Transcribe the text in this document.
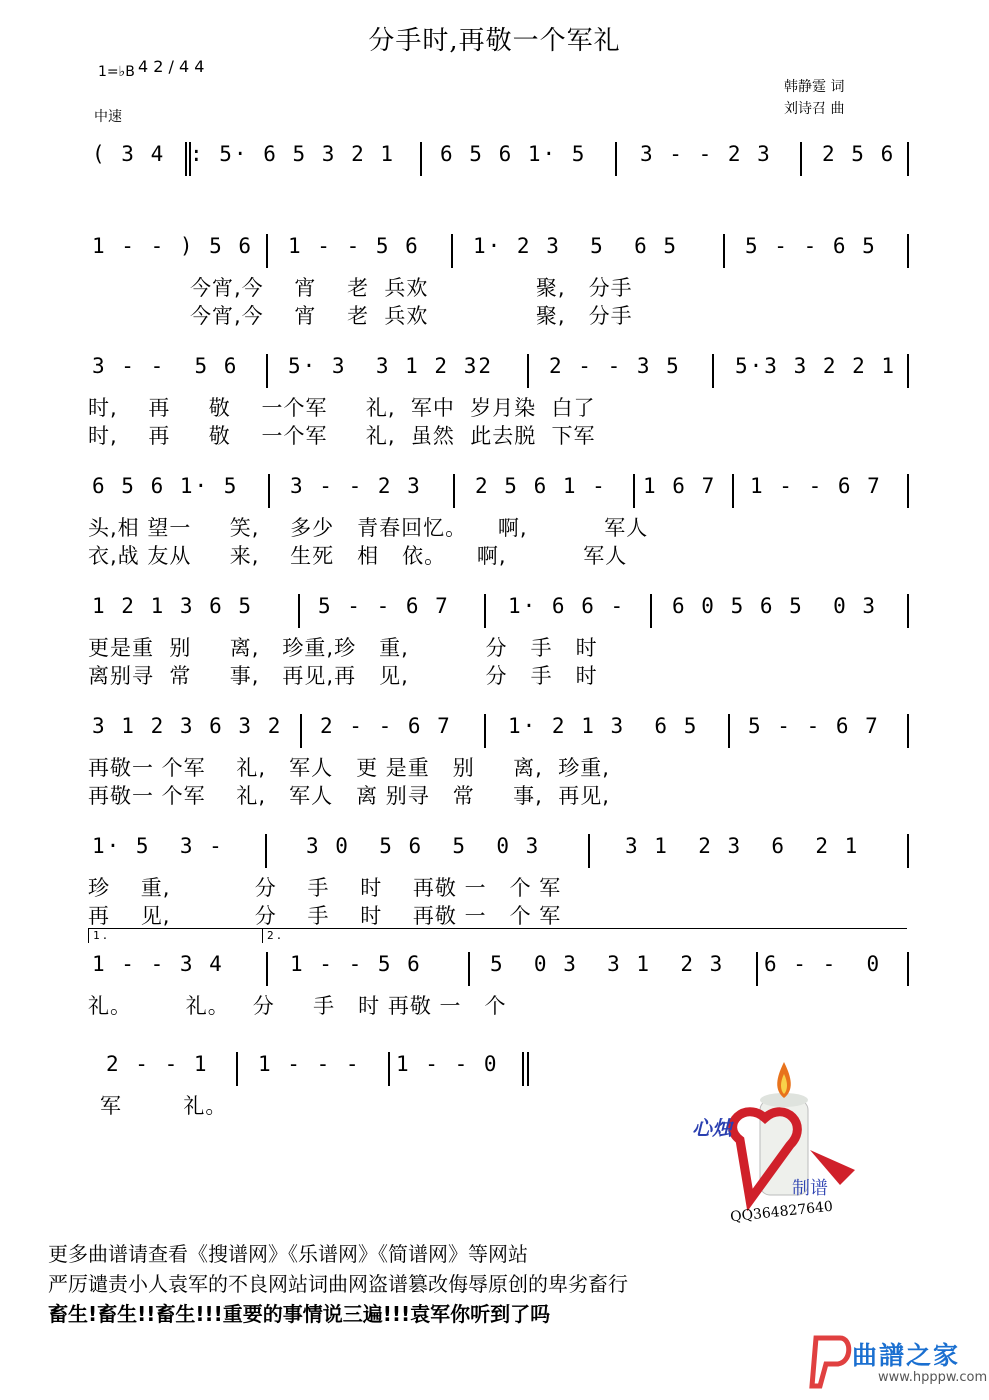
分手时,再敬一个军礼
1=♭B 4 2 / 4 4
中速
韩静霆 词
刘诗召 曲
( 3 4 : 5· 6 5 3 2 1 6 5 6 1· 5	3 - - 2 3 2 5 6
1 - - ) 5 6 1 - - 5 6	1· 2 3  5  6 5	5 - - 6 5
今宵,今    宵    老  兵欢              聚,   分手
今宵,今    宵    老  兵欢              聚,   分手
3 - -  5 6 5· 3  3 1 2 32	2 - - 3 5	5·3 3 2 2 1
时,    再     敬    一个军     礼,  军中  岁月染  白了
时,    再     敬    一个军     礼,  虽然  此去脱  下军
6 5 6 1· 5 3 - - 2 3	2 5 6 1 - 1 6 7 1 - - 6 7
头,相 望一     笑,    多少   青春回忆。    啊,          军人
衣,战 友从     来,    生死   相   依。    啊,          军人
1 2 1 3 6 5	5 - - 6 7	1· 6 6 - 6 0 5 6 5  0 3
更是重  别     离,   珍重,珍   重,          分   手   时
离别寻  常     事,   再见,再   见,          分   手   时
3 1 2 3 6 3 2 2 - - 6 7	1· 2 1 3  6 5 5 - - 6 7
再敬一 个军    礼,   军人   更 是重   别     离,  珍重,
再敬一 个军    礼,   军人   离 别寻   常     事,  再见,
1· 5  3 -	3 0  5 6  5  0 3	3 1  2 3  6  2 1
珍    重,           分    手    时    再敬 一   个 军
再    见,           分    手    时    再敬 一   个 军
1 - - 3 4	1 - - 5 6	5  0 3  3 1  2 3 6 - -  0
1.	2.
礼。       礼。   分     手   时 再敬 一   个
2 - - 1 1 - - - 1 - - 0
军        礼。
心烛
制谱
QQ364827640
更多曲谱请查看《搜谱网》《乐谱网》《简谱网》等网站
严厉谴责小人袁军的不良网站词曲网盗谱篡改侮辱原创的卑劣畜行
畜生!畜生!!畜生!!!重要的事情说三遍!!!袁军你听到了吗
曲譜之家
www.hpppw.com
